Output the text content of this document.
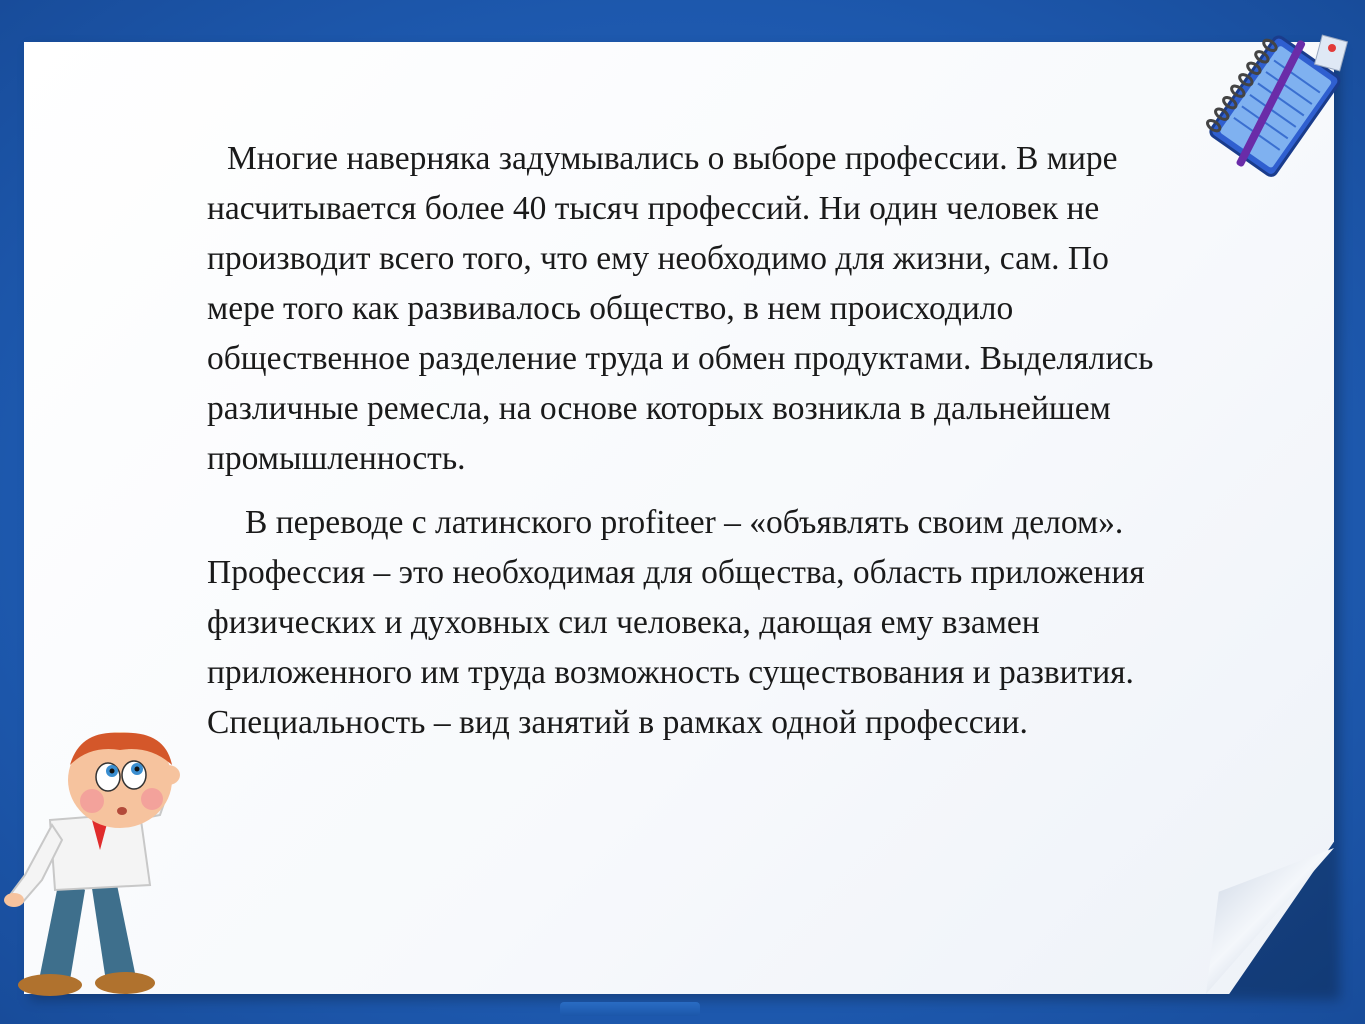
Многие наверняка задумывались о выборе профессии. В мире насчитывается более 40 тысяч профессий. Ни один человек не производит всего того, что ему необходимо для жизни, сам. По мере того как развивалось общество, в нем происходило общественное разделение труда и обмен продуктами. Выделялись различные ремесла, на основе которых возникла в дальнейшем промышленность.

В переводе с латинского profiteer – «объявлять своим делом». Профессия – это необходимая для общества, область приложения физических и духовных сил человека, дающая ему взамен приложенного им труда возможность существования и развития. Специальность – вид занятий в рамках одной профессии.
